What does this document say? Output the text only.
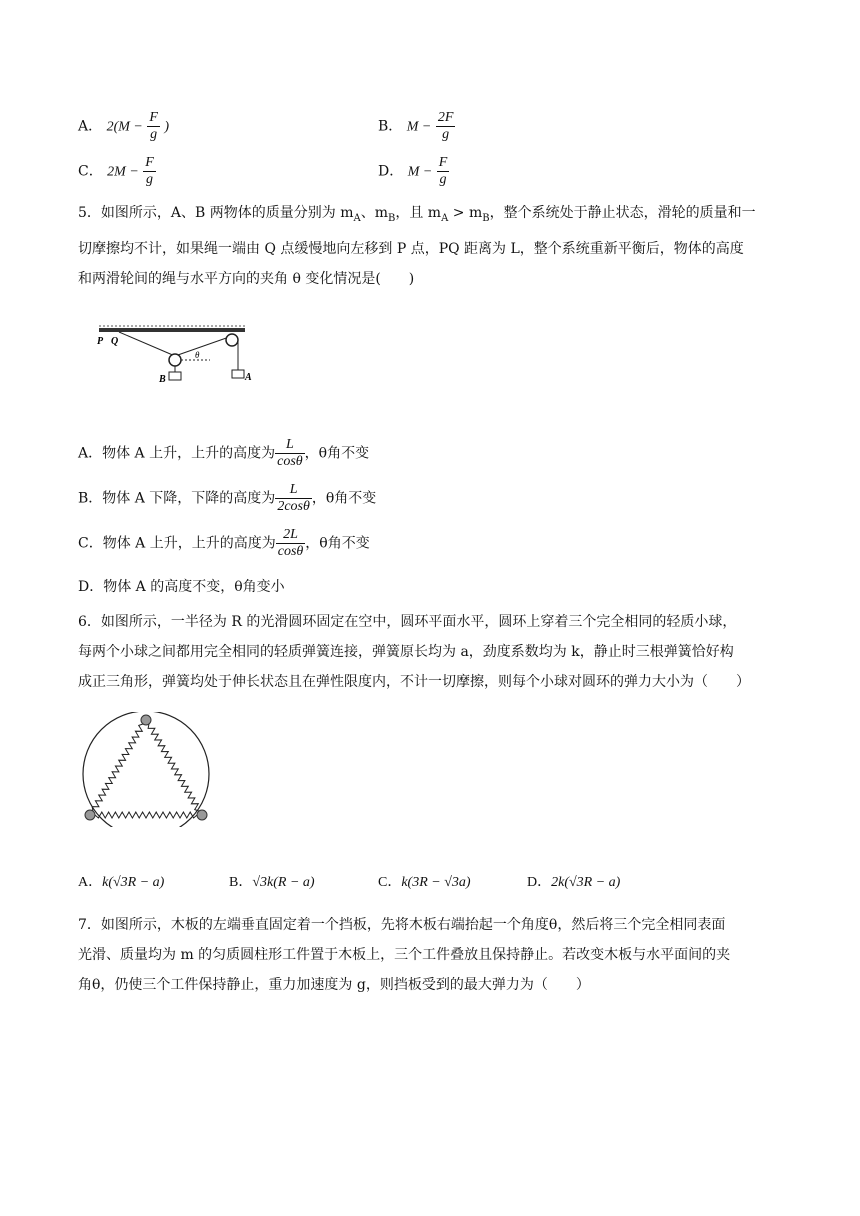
A． $2(M - \frac{F}{g}$ )	B． $M - \frac{2F}{g}$
C． $2M - \frac{F}{g}$	D． $M - \frac{F}{g}$
5．如图所示，A、B 两物体的质量分别为 $m_A$、$m_B$，且 $m_A > m_B$，整个系统处于静止状态，滑轮的质量和一
切摩擦均不计，如果绳一端由 Q 点缓慢地向左移到 P 点，PQ 距离为 L，整个系统重新平衡后，物体的高度
和两滑轮间的绳与水平方向的夹角 θ 变化情况是(　　)
P Q
θ
B	A
A．物体 A 上升，上升的高度为 $\frac{L}{\cos\theta}$ ，θ角不变
B．物体 A 下降，下降的高度为 $\frac{L}{2\cos\theta}$ ，θ角不变
C．物体 A 上升，上升的高度为 $\frac{2L}{\cos\theta}$ ，θ角不变
D．物体 A 的高度不变，θ角变小
6．如图所示，一半径为 R 的光滑圆环固定在空中，圆环平面水平，圆环上穿着三个完全相同的轻质小球，
每两个小球之间都用完全相同的轻质弹簧连接，弹簧原长均为 a，劲度系数均为 k，静止时三根弹簧恰好构
成正三角形，弹簧均处于伸长状态且在弹性限度内，不计一切摩擦，则每个小球对圆环的弹力大小为（　　）
A．k(√3R − a)	B．√3k(R − a)	C．k(3R − √3a)	D．2k(√3R − a)
7．如图所示，木板的左端垂直固定着一个挡板，先将木板右端抬起一个角度θ，然后将三个完全相同表面
光滑、质量均为 m 的匀质圆柱形工件置于木板上，三个工件叠放且保持静止。若改变木板与水平面间的夹
角θ，仍使三个工件保持静止，重力加速度为 g，则挡板受到的最大弹力为（　　）
